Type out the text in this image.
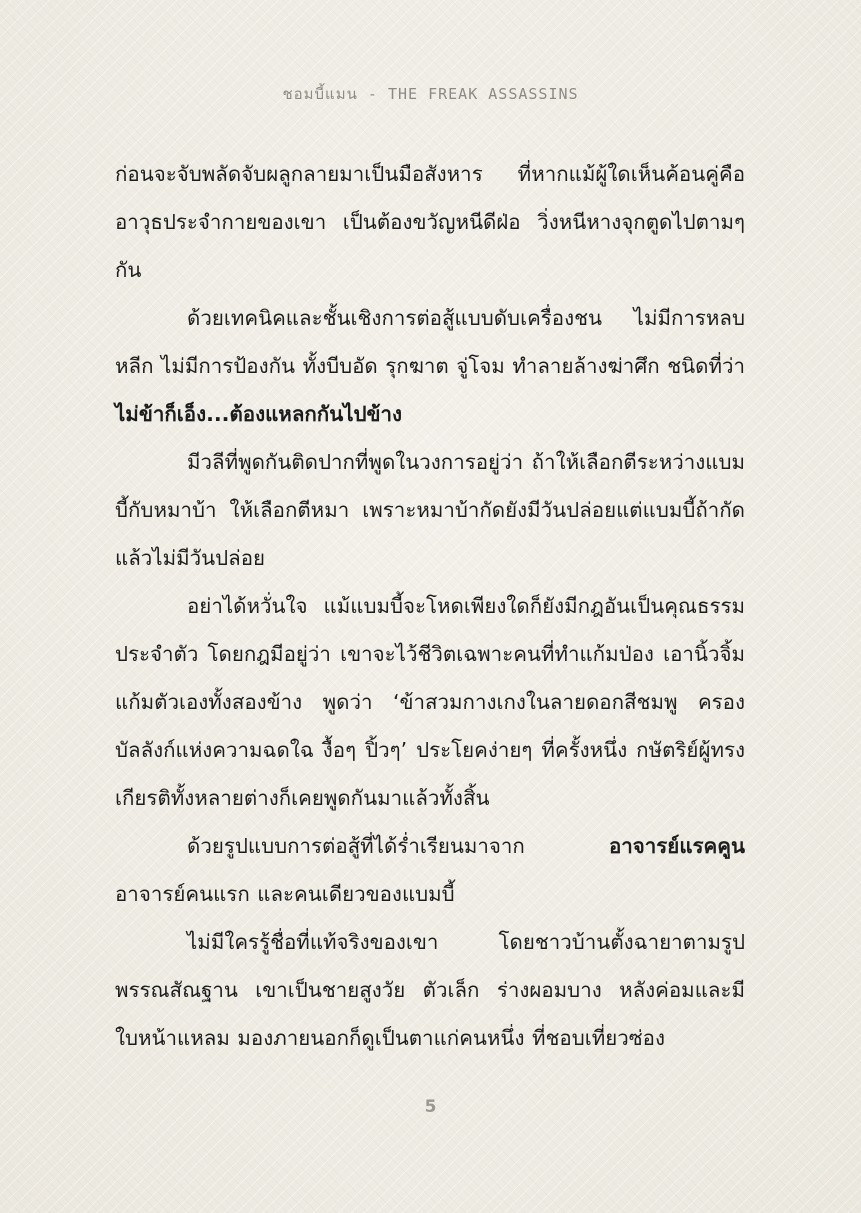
ชอมบี้แมน - THE FREAK ASSASSINS

ก่อนจะจับพลัดจับผลูกลายมาเป็นมือสังหาร ที่หากแม้ผู้ใดเห็นค้อนคู่คืออาวุธประจำกายของเขา เป็นต้องขวัญหนีดีฝ่อ วิ่งหนีหางจุกตูดไปตามๆ กัน

ด้วยเทคนิคและชั้นเชิงการต่อสู้แบบดับเครื่องชน ไม่มีการหลบหลีก ไม่มีการป้องกัน ทั้งบีบอัด รุกฆาต จู่โจม ทำลายล้างฆ่าศึก ชนิดที่ว่า ไม่ข้าก็เอ็ง...ต้องแหลกกันไปข้าง

มีวลีที่พูดกันติดปากที่พูดในวงการอยู่ว่า ถ้าให้เลือกตีระหว่างแบมบี้กับหมาบ้า ให้เลือกตีหมา เพราะหมาบ้ากัดยังมีวันปล่อยแต่แบมบี้ถ้ากัดแล้วไม่มีวันปล่อย

อย่าได้หวั่นใจ แม้แบมบี้จะโหดเพียงใดก็ยังมีกฎอันเป็นคุณธรรมประจำตัว โดยกฎมีอยู่ว่า เขาจะไว้ชีวิตเฉพาะคนที่ทำแก้มป่อง เอานิ้วจิ้มแก้มตัวเองทั้งสองข้าง พูดว่า ‘ข้าสวมกางเกงในลายดอกสีชมพู ครองบัลลังก์แห่งความฉดใฉ งื้อๆ ปิ้วๆ’ ประโยคง่ายๆ ที่ครั้งหนึ่ง กษัตริย์ผู้ทรงเกียรติทั้งหลายต่างก็เคยพูดกันมาแล้วทั้งสิ้น

ด้วยรูปแบบการต่อสู้ที่ได้ร่ำเรียนมาจาก อาจารย์แรคคูน อาจารย์คนแรก และคนเดียวของแบมบี้

ไม่มีใครรู้ชื่อที่แท้จริงของเขา โดยชาวบ้านตั้งฉายาตามรูปพรรณสัณฐาน เขาเป็นชายสูงวัย ตัวเล็ก ร่างผอมบาง หลังค่อมและมีใบหน้าแหลม มองภายนอกก็ดูเป็นตาแก่คนหนึ่ง ที่ชอบเที่ยวซ่อง

5
